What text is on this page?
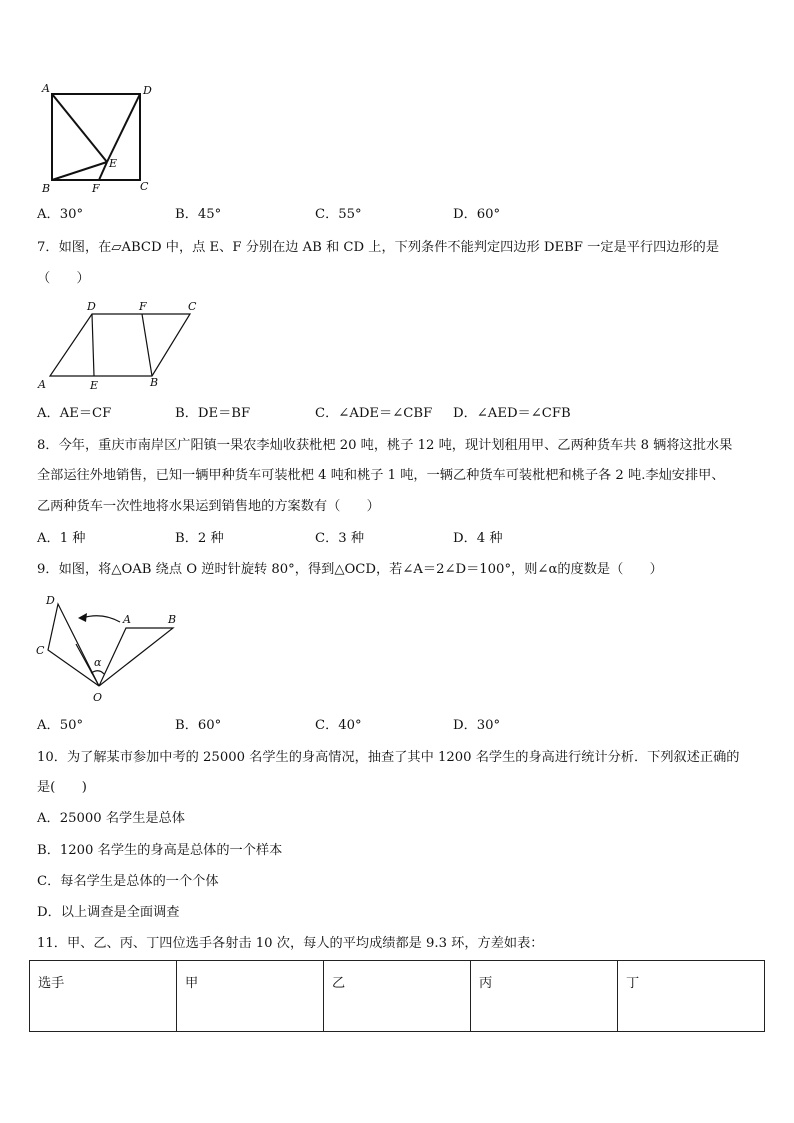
A	D
E
B	F	C
A．30°	B．45°	C．55°	D．60°
7．如图，在▱ABCD 中，点 E、F 分别在边 AB 和 CD 上，下列条件不能判定四边形 DEBF 一定是平行四边形的是
（　　）
D	F	C
A	E	B
A．AE＝CF	B．DE＝BF	C．∠ADE＝∠CBF D．∠AED＝∠CFB
8．今年，重庆市南岸区广阳镇一果农李灿收获枇杷 20 吨，桃子 12 吨，现计划租用甲、乙两种货车共 8 辆将这批水果
全部运往外地销售，已知一辆甲种货车可装枇杷 4 吨和桃子 1 吨，一辆乙种货车可装枇杷和桃子各 2 吨.李灿安排甲、
乙两种货车一次性地将水果运到销售地的方案数有（　　）
A．1 种	B．2 种	C．3 种	D．4 种
9．如图，将△OAB 绕点 O 逆时针旋转 80°，得到△OCD，若∠A＝2∠D＝100°，则∠α的度数是（　　）
D
C
A	B
α
O
A．50°	B．60°	C．40°	D．30°
10．为了解某市参加中考的 25000 名学生的身高情况，抽查了其中 1200 名学生的身高进行统计分析．下列叙述正确的
是(　　)
A．25000 名学生是总体
B．1200 名学生的身高是总体的一个样本
C．每名学生是总体的一个个体
D．以上调查是全面调查
11．甲、乙、丙、丁四位选手各射击 10 次，每人的平均成绩都是 9.3 环，方差如表：
选手	甲	乙	丙	丁
